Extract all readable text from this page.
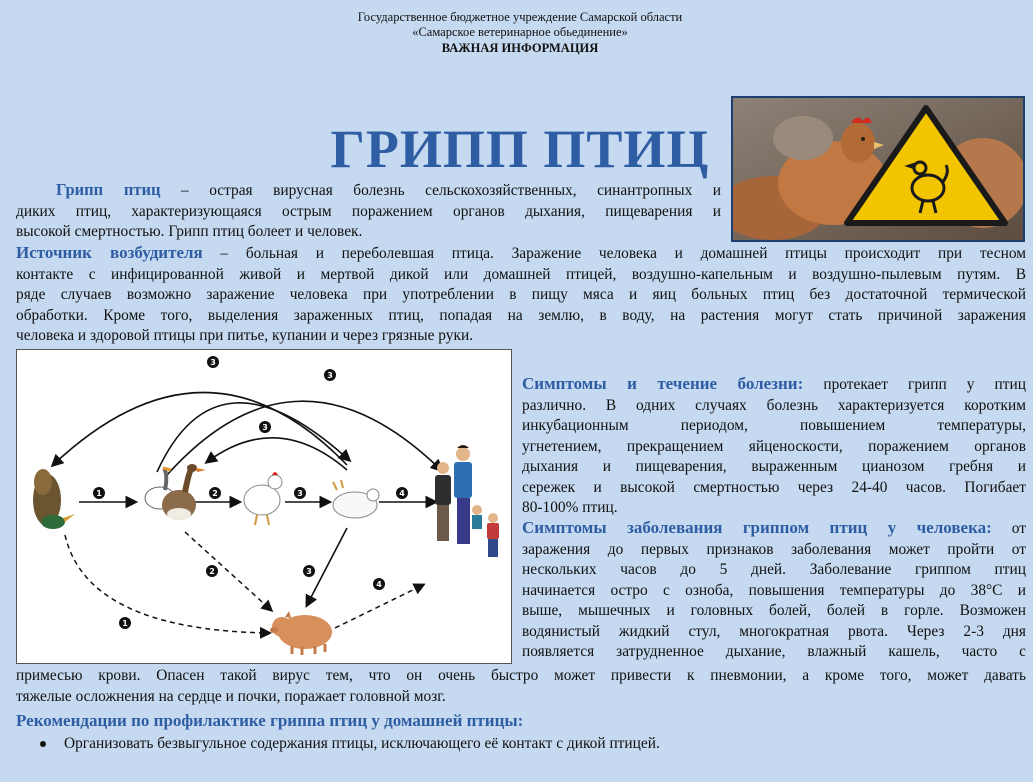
Государственное бюджетное учреждение Самарской области
«Самарское ветеринарное обьединение»
ВАЖНАЯ ИНФОРМАЦИЯ
ГРИПП ПТИЦ
Грипп птиц – острая вирусная болезнь сельскохозяйственных, синантропных и
диких птиц, характеризующаяся острым поражением органов дыхания, пищеварения и
высокой смертностью. Грипп птиц болеет и человек.
Источник возбудителя – больная и переболевшая птица. Заражение человека и домашней птицы происходит при тесном
контакте с инфицированной живой и мертвой дикой или домашней птицей, воздушно-капельным и воздушно-пылевым путям. В
ряде случаев возможно заражение человека при употреблении в пищу мяса и яиц больных птиц без достаточной термической
обработки. Кроме того, выделения зараженных птиц, попадая на землю, в воду, на растения могут стать причиной заражения
человека и здоровой птицы при питье, купании и через грязные руки.
3
3
3
1	2	3	4
2	3
4
1
Симптомы и течение болезни: протекает грипп у птиц
различно. В одних случаях болезнь характеризуется коротким
инкубационным периодом, повышением температуры,
угнетением, прекращением яйценоскости, поражением органов
дыхания и пищеварения, выраженным цианозом гребня и
сережек и высокой смертностью через 24-40 часов. Погибает
80-100% птиц.
Симптомы заболевания гриппом птиц у человека: от
заражения до первых признаков заболевания может пройти от
нескольких часов до 5 дней. Заболевание гриппом птиц
начинается остро с озноба, повышения температуры до 38°С и
выше, мышечных и головных болей, болей в горле. Возможен
водянистый жидкий стул, многократная рвота. Через 2-3 дня
появляется затрудненное дыхание, влажный кашель, часто с
примесью крови. Опасен такой вирус тем, что он очень быстро может привести к пневмонии, а кроме того, может давать
тяжелые осложнения на сердце и почки, поражает головной мозг.
Рекомендации по профилактике гриппа птиц у домашней птицы:
Организовать безвыгульное содержания птицы, исключающего её контакт с дикой птицей.
